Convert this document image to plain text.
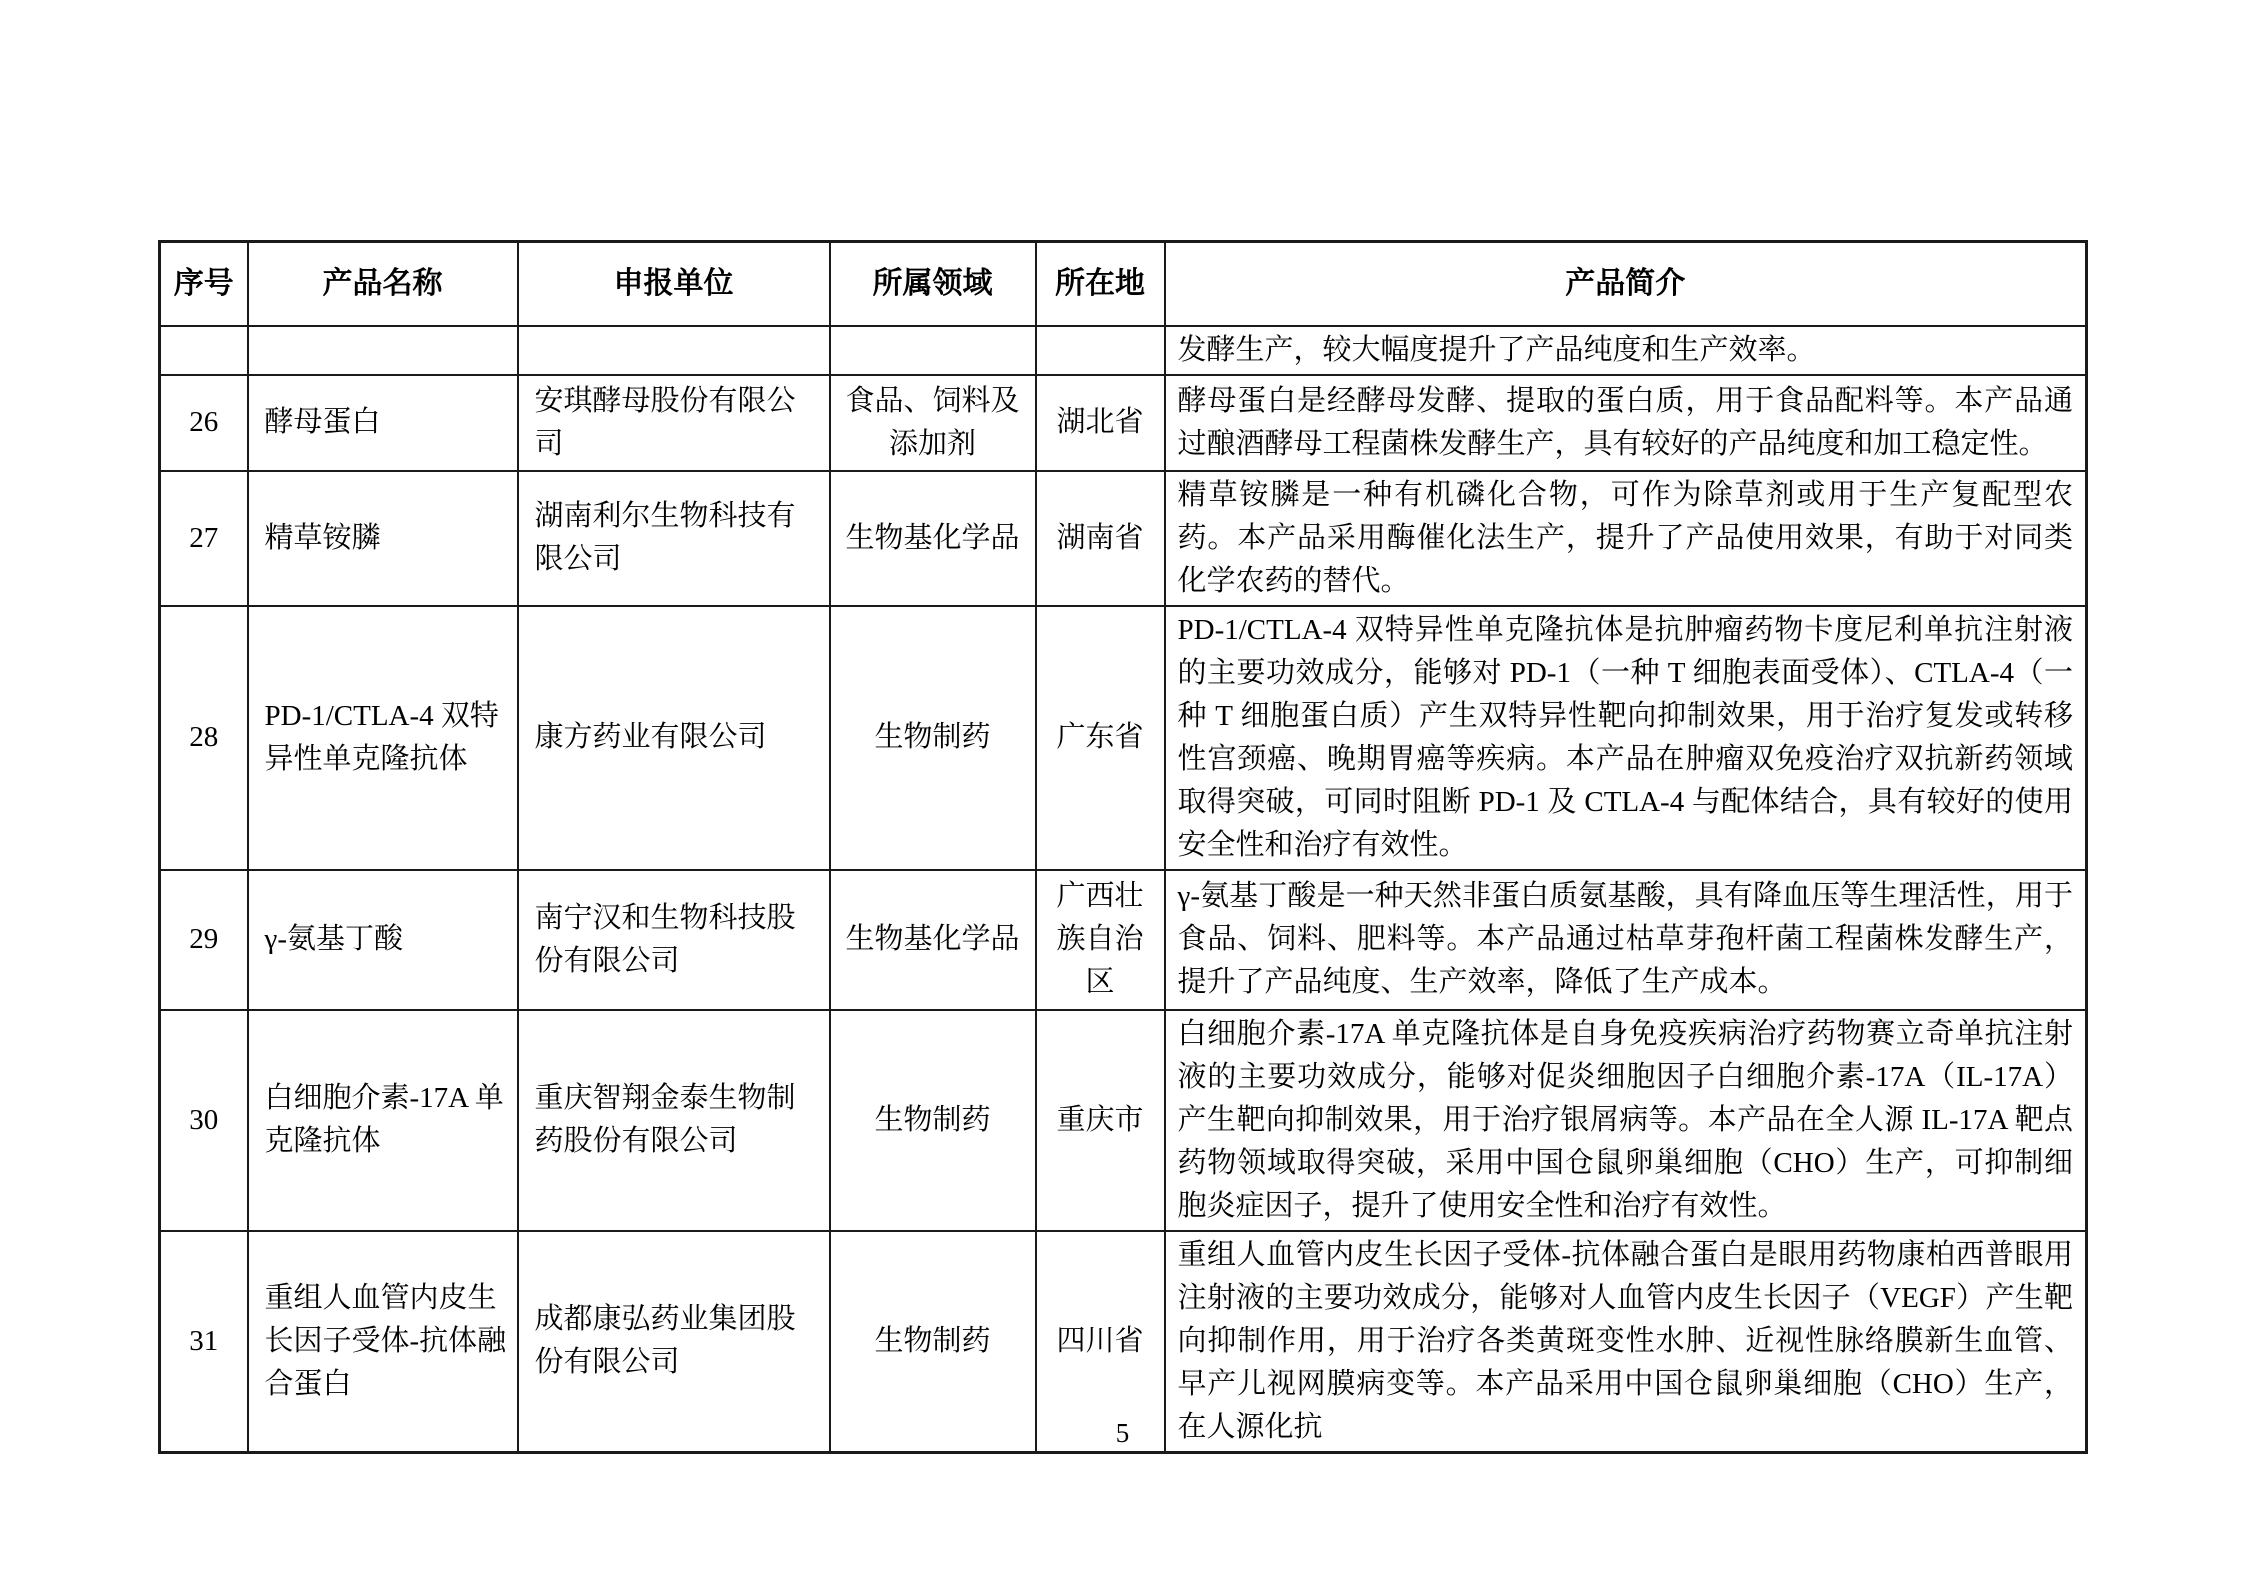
序号	产品名称	申报单位	所属领域	所在地	产品简介
					发酵生产，较大幅度提升了产品纯度和生产效率。
26	酵母蛋白	安琪酵母股份有限公司	食品、饲料及添加剂	湖北省	酵母蛋白是经酵母发酵、提取的蛋白质，用于食品配料等。本产品通过酿酒酵母工程菌株发酵生产，具有较好的产品纯度和加工稳定性。
27	精草铵膦	湖南利尔生物科技有限公司	生物基化学品	湖南省	精草铵膦是一种有机磷化合物，可作为除草剂或用于生产复配型农药。本产品采用酶催化法生产，提升了产品使用效果，有助于对同类化学农药的替代。
28	PD-1/CTLA-4 双特异性单克隆抗体	康方药业有限公司	生物制药	广东省	PD-1/CTLA-4 双特异性单克隆抗体是抗肿瘤药物卡度尼利单抗注射液的主要功效成分，能够对 PD-1（一种 T 细胞表面受体）、CTLA-4（一种 T 细胞蛋白质）产生双特异性靶向抑制效果，用于治疗复发或转移性宫颈癌、晚期胃癌等疾病。本产品在肿瘤双免疫治疗双抗新药领域取得突破，可同时阻断 PD-1 及 CTLA-4 与配体结合，具有较好的使用安全性和治疗有效性。
29	γ-氨基丁酸	南宁汉和生物科技股份有限公司	生物基化学品	广西壮族自治区	γ-氨基丁酸是一种天然非蛋白质氨基酸，具有降血压等生理活性，用于食品、饲料、肥料等。本产品通过枯草芽孢杆菌工程菌株发酵生产，提升了产品纯度、生产效率，降低了生产成本。
30	白细胞介素-17A 单克隆抗体	重庆智翔金泰生物制药股份有限公司	生物制药	重庆市	白细胞介素-17A 单克隆抗体是自身免疫疾病治疗药物赛立奇单抗注射液的主要功效成分，能够对促炎细胞因子白细胞介素-17A（IL-17A）产生靶向抑制效果，用于治疗银屑病等。本产品在全人源 IL-17A 靶点药物领域取得突破，采用中国仓鼠卵巢细胞（CHO）生产，可抑制细胞炎症因子，提升了使用安全性和治疗有效性。
31	重组人血管内皮生长因子受体-抗体融合蛋白	成都康弘药业集团股份有限公司	生物制药	四川省	重组人血管内皮生长因子受体-抗体融合蛋白是眼用药物康柏西普眼用注射液的主要功效成分，能够对人血管内皮生长因子（VEGF）产生靶向抑制作用，用于治疗各类黄斑变性水肿、近视性脉络膜新生血管、早产儿视网膜病变等。本产品采用中国仓鼠卵巢细胞（CHO）生产，在人源化抗
5
